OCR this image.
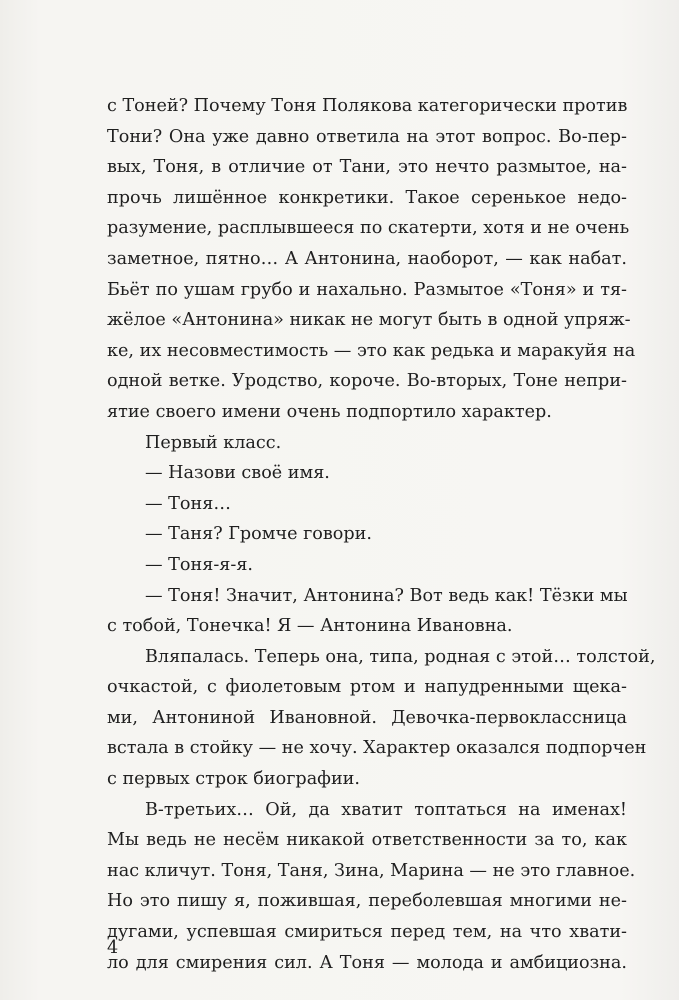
с Тоней? Почему Тоня Полякова категорически против
Тони? Она уже давно ответила на этот вопрос. Во-пер-
вых, Тоня, в отличие от Тани, это нечто размытое, на-
прочь лишённое конкретики. Такое серенькое недо-
разумение, расплывшееся по скатерти, хотя и не очень
заметное, пятно… А Антонина, наоборот, — как набат.
Бьёт по ушам грубо и нахально. Размытое «Тоня» и тя-
жёлое «Антонина» никак не могут быть в одной упряж-
ке, их несовместимость — это как редька и маракуйя на
одной ветке. Уродство, короче. Во-вторых, Тоне непри-
ятие своего имени очень подпортило характер.
Первый класс.
— Назови своё имя.
— Тоня…
— Таня? Громче говори.
— Тоня-я-я.
— Тоня! Значит, Антонина? Вот ведь как! Тёзки мы
с тобой, Тонечка! Я — Антонина Ивановна.
Вляпалась. Теперь она, типа, родная с этой… толстой,
очкастой, с фиолетовым ртом и напудренными щека-
ми, Антониной Ивановной. Девочка-первоклассница
встала в стойку — не хочу. Характер оказался подпорчен
с первых строк биографии.
В-третьих… Ой, да хватит топтаться на именах!
Мы ведь не несём никакой ответственности за то, как
нас кличут. Тоня, Таня, Зина, Марина — не это главное.
Но это пишу я, пожившая, переболевшая многими не-
дугами, успевшая смириться перед тем, на что хвати-
ло для смирения сил. А Тоня — молода и амбициозна.
4
